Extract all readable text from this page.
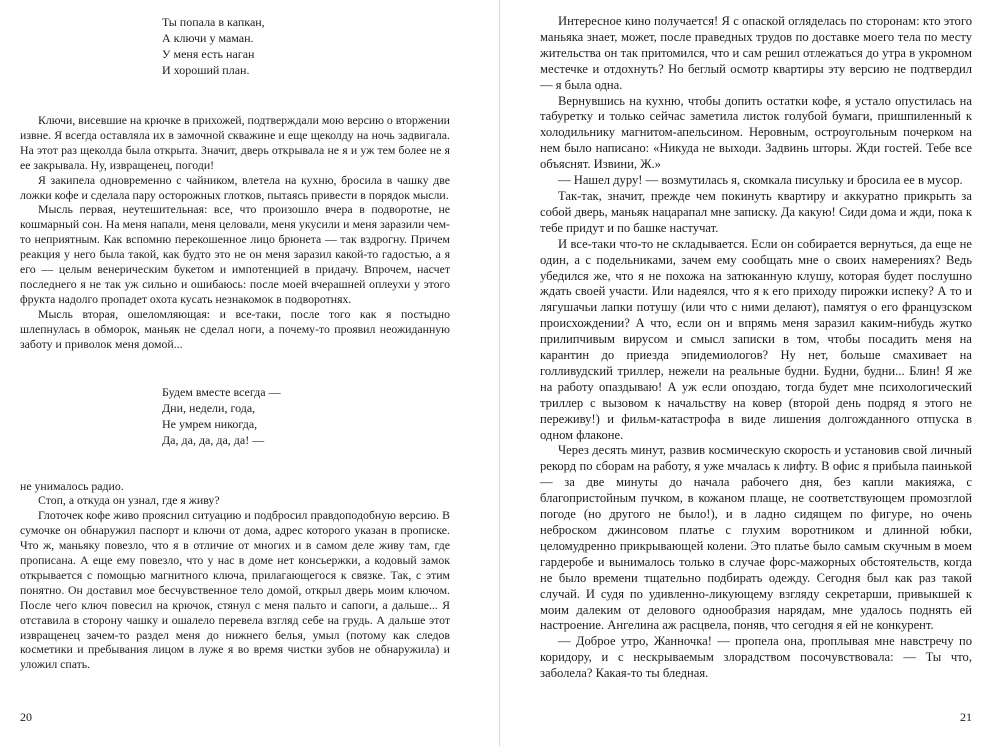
Ты попала в капкан,
А ключи у маман.
У меня есть наган
И хороший план.

Ключи, висевшие на крючке в прихожей, подтверждали мою версию о вторжении извне. Я всегда оставляла их в замочной скважине и еще щеколду на ночь задвигала. На этот раз щеколда была открыта. Значит, дверь открывала не я и уж тем более не я ее закрывала. Ну, извращенец, погоди!

Я закипела одновременно с чайником, влетела на кухню, бросила в чашку две ложки кофе и сделала пару осторожных глотков, пытаясь привести в порядок мысли.

Мысль первая, неутешительная: все, что произошло вчера в подворотне, не кошмарный сон. На меня напали, меня целовали, меня укусили и меня заразили чем-то неприятным. Как вспомню перекошенное лицо брюнета — так вздрогну. Причем реакция у него была такой, как будто это не он меня заразил какой-то гадостью, а я его — целым венерическим букетом и импотенцией в придачу. Впрочем, насчет последнего я не так уж сильно и ошибаюсь: после моей вчерашней оплеухи у этого фрукта надолго пропадет охота кусать незнакомок в подворотнях.

Мысль вторая, ошеломляющая: и все-таки, после того как я постыдно шлепнулась в обморок, маньяк не сделал ноги, а почему-то проявил неожиданную заботу и приволок меня домой...

Будем вместе всегда —
Дни, недели, года,
Не умрем никогда,
Да, да, да, да, да! —

не унималось радио.

Стоп, а откуда он узнал, где я живу?

Глоточек кофе живо прояснил ситуацию и подбросил правдоподобную версию. В сумочке он обнаружил паспорт и ключи от дома, адрес которого указан в прописке. Что ж, маньяку повезло, что я в отличие от многих и в самом деле живу там, где прописана. А еще ему повезло, что у нас в доме нет консьержки, а кодовый замок открывается с помощью магнитного ключа, прилагающегося к связке. Так, с этим понятно. Он доставил мое бесчувственное тело домой, открыл дверь моим ключом. После чего ключ повесил на крючок, стянул с меня пальто и сапоги, а дальше... Я отставила в сторону чашку и ошалело перевела взгляд себе на грудь. А дальше этот извращенец зачем-то раздел меня до нижнего белья, умыл (потому как следов косметики и пребывания лицом в луже я во время чистки зубов не обнаружила) и уложил спать.

20

Интересное кино получается! Я с опаской огляделась по сторонам: кто этого маньяка знает, может, после праведных трудов по доставке моего тела по месту жительства он так притомился, что и сам решил отлежаться до утра в укромном местечке и отдохнуть? Но беглый осмотр квартиры эту версию не подтвердил — я была одна.

Вернувшись на кухню, чтобы допить остатки кофе, я устало опустилась на табуретку и только сейчас заметила листок голубой бумаги, пришпиленный к холодильнику магнитом-апельсином. Неровным, остроугольным почерком на нем было написано: «Никуда не выходи. Задвинь шторы. Жди гостей. Тебе все объяснят. Извини, Ж.»

— Нашел дуру! — возмутилась я, скомкала писульку и бросила ее в мусор.

Так-так, значит, прежде чем покинуть квартиру и аккуратно прикрыть за собой дверь, маньяк нацарапал мне записку. Да какую! Сиди дома и жди, пока к тебе придут и по башке настучат.

И все-таки что-то не складывается. Если он собирается вернуться, да еще не один, а с подельниками, зачем ему сообщать мне о своих намерениях? Ведь убедился же, что я не похожа на затюканную клушу, которая будет послушно ждать своей участи. Или надеялся, что я к его приходу пирожки испеку? А то и лягушачьи лапки потушу (или что с ними делают), памятуя о его французском происхождении? А что, если он и впрямь меня заразил каким-нибудь жутко прилипчивым вирусом и смысл записки в том, чтобы посадить меня на карантин до приезда эпидемиологов? Ну нет, больше смахивает на голливудский триллер, нежели на реальные будни. Будни, будни... Блин! Я же на работу опаздываю! А уж если опоздаю, тогда будет мне психологический триллер с вызовом к начальству на ковер (второй день подряд я этого не переживу!) и фильм-катастрофа в виде лишения долгожданного отпуска в одном флаконе.

Через десять минут, развив космическую скорость и установив свой личный рекорд по сборам на работу, я уже мчалась к лифту. В офис я прибыла паинькой — за две минуты до начала рабочего дня, без капли макияжа, с благопристойным пучком, в кожаном плаще, не соответствующем промозглой погоде (но другого не было!), и в ладно сидящем по фигуре, но очень неброском джинсовом платье с глухим воротником и длинной юбки, целомудренно прикрывающей колени. Это платье было самым скучным в моем гардеробе и вынималось только в случае форс-мажорных обстоятельств, когда не было времени тщательно подбирать одежду. Сегодня был как раз такой случай. И судя по удивленно-ликующему взгляду секретарши, привыкшей к моим далеким от делового однообразия нарядам, мне удалось поднять ей настроение. Ангелина аж расцвела, поняв, что сегодня я ей не конкурент.

— Доброе утро, Жанночка! — пропела она, проплывая мне навстречу по коридору, и с нескрываемым злорадством посочувствовала: — Ты что, заболела? Какая-то ты бледная.

21
